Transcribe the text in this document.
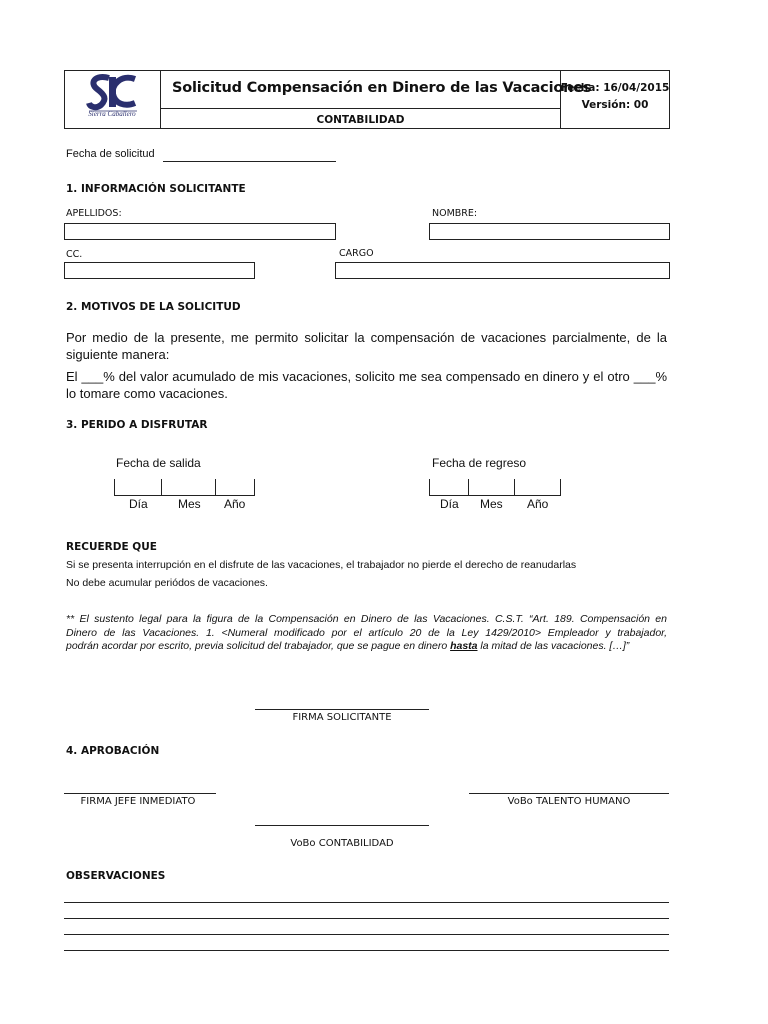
Sierra Caballero
Solicitud Compensación en Dinero de las Vacaciones
CONTABILIDAD
Fecha: 16/04/2015
Versión: 00
Fecha de solicitud
1. INFORMACIÓN SOLICITANTE
APELLIDOS:	NOMBRE:
CC.	CARGO
2. MOTIVOS DE LA SOLICITUD
Por medio de la presente, me permito solicitar la compensación de vacaciones parcialmente, de la
siguiente manera:
El ___% del valor acumulado de mis vacaciones, solicito me sea compensado en dinero y el otro ___%
lo tomare como vacaciones.
3. PERIDO A DISFRUTAR
Fecha de salida
Día	Mes Año
Fecha de regreso
Día Mes Año
RECUERDE QUE
Si se presenta interrupción en el disfrute de las vacaciones, el trabajador no pierde el derecho de reanudarlas
No debe acumular periódos de vacaciones.
** El sustento legal para la figura de la Compensación en Dinero de las Vacaciones. C.S.T. “Art. 189. Compensación en
Dinero de las Vacaciones. 1. <Numeral modificado por el artículo 20 de la Ley 1429/2010> Empleador y trabajador,
podrán acordar por escrito, previa solicitud del trabajador, que se pague en dinero hasta la mitad de las vacaciones. […]”
FIRMA SOLICITANTE
4. APROBACIÓN
FIRMA JEFE INMEDIATO	VoBo TALENTO HUMANO
VoBo CONTABILIDAD
OBSERVACIONES
